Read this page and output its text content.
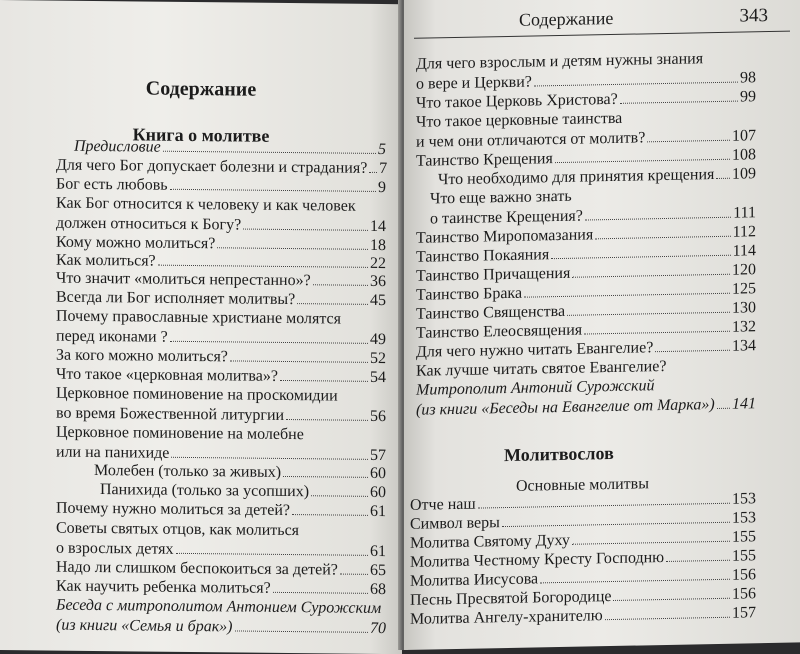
Содержание
Книга о молитве
Предисловие	5
Для чего Бог допускает болезни и страдания? 7
Бог есть любовь	9
Как Бог относится к человеку и как человек
должен относиться к Богу?	14
Кому можно молиться?	18
Как молиться?	22
Что значит «молиться непрестанно»?	36
Всегда ли Бог исполняет молитвы?	45
Почему православные христиане молятся
перед иконами ?	49
За кого можно молиться?	52
Что такое «церковная молитва»?	54
Церковное поминовение на проскомидии
во время Божественной литургии	56
Церковное поминовение на молебне
или на панихиде	57
Молебен (только за живых)	60
Панихида (только за усопших)	60
Почему нужно молиться за детей?	61
Советы святых отцов, как молиться
о взрослых детях	61
Надо ли слишком беспокоиться за детей? 65
Как научить ребенка молиться?	68
Беседа с митрополитом Антонием Сурожским
(из книги «Семья и брак»)	70
Содержание	343
Для чего взрослым и детям нужны знания
о вере и Церкви?	98
Что такое Церковь Христова?	99
Что такое церковные таинства
и чем они отличаются от молитв?	107
Таинство Крещения	108
Что необходимо для принятия крещения 109
Что еще важно знать
о таинстве Крещения?	111
Таинство Миропомазания	112
Таинство Покаяния	114
Таинство Причащения	120
Таинство Брака	125
Таинство Священства	130
Таинство Елеосвящения	132
Для чего нужно читать Евангелие?	134
Как лучше читать святое Евангелие?
Митрополит Антоний Сурожский
(из книги «Беседы на Евангелие от Марка») 141
Молитвослов
Основные молитвы
Отче наш	153
Символ веры	153
Молитва Святому Духу	155
Молитва Честному Кресту Господню	155
Молитва Иисусова	156
Песнь Пресвятой Богородице	156
Молитва Ангелу-хранителю	157
